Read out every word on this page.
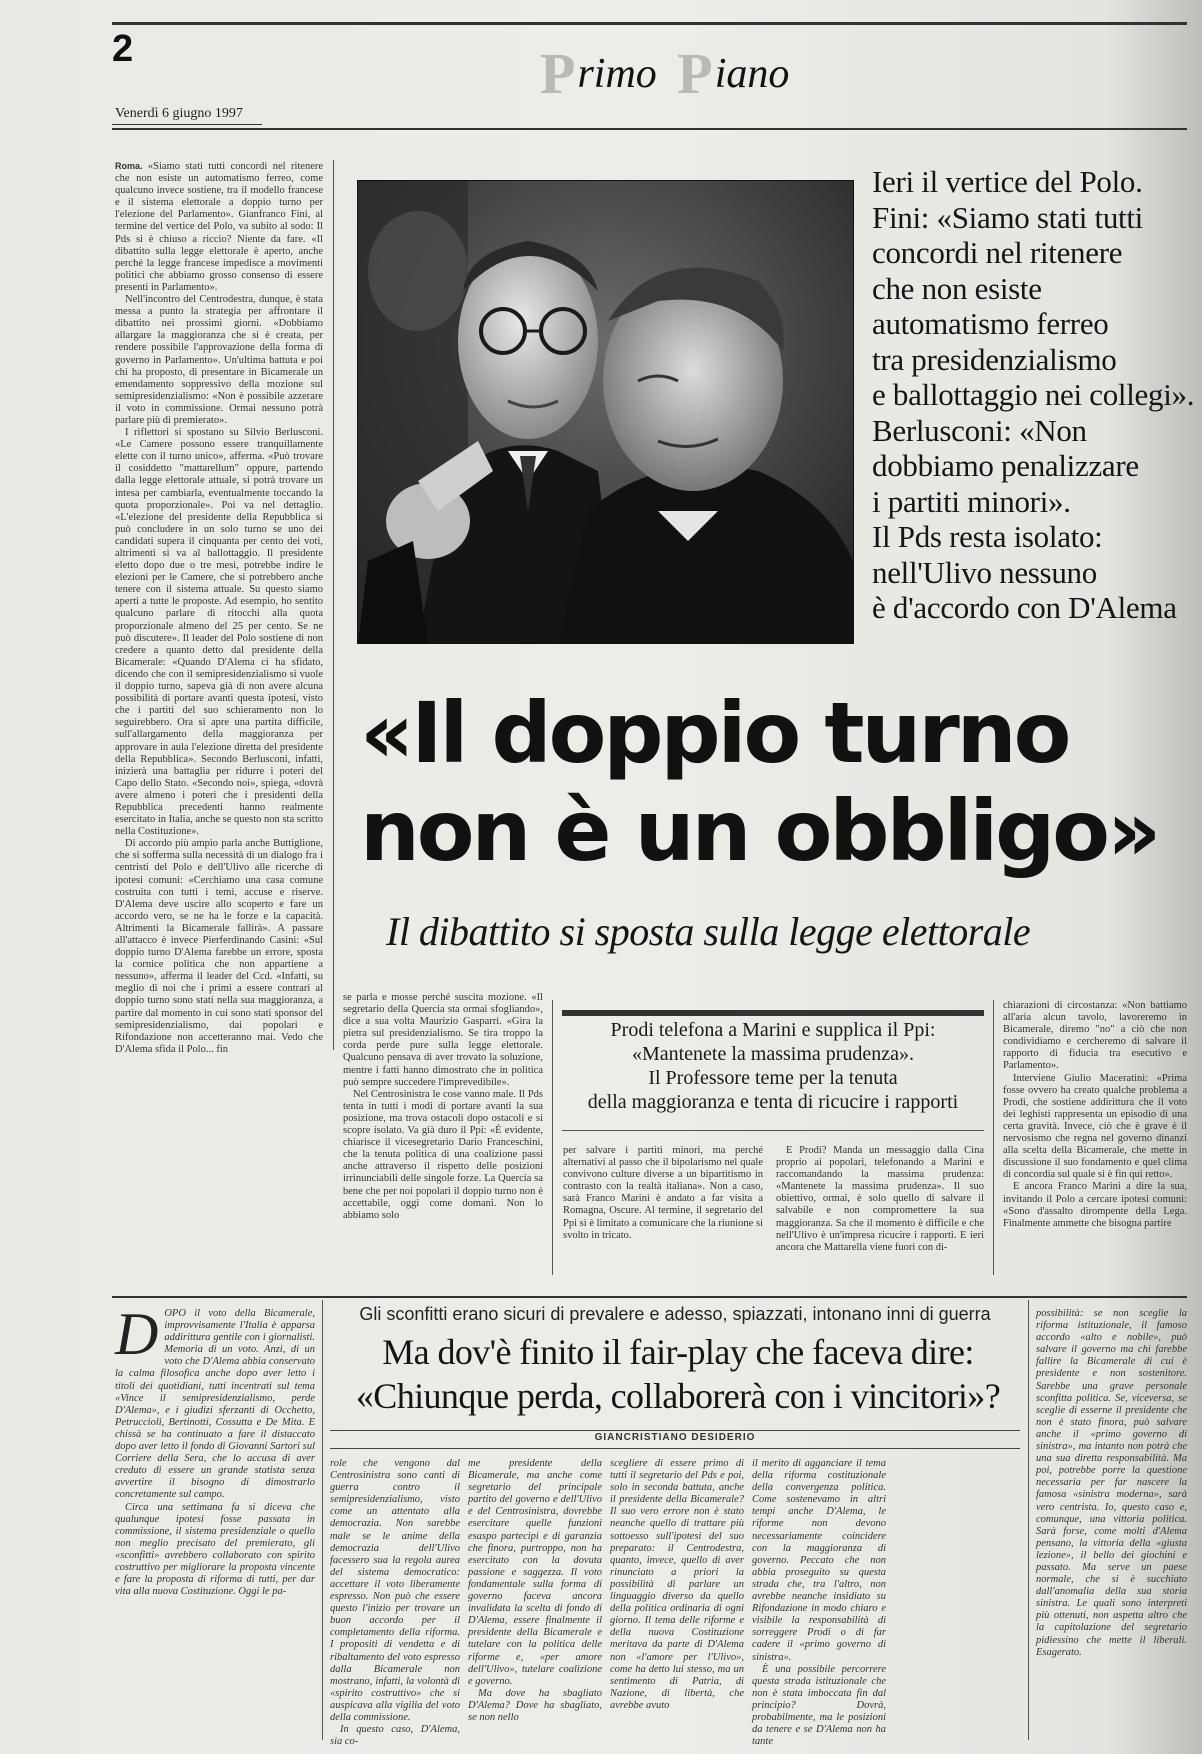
2	Primo Piano
Venerdì 6 giugno 1997

Roma. «Siamo stati tutti concordi nel ritenere che non esiste un automatismo ferreo, come qualcuno invece sostiene, tra il modello francese e il sistema elettorale a doppio turno per l'elezione del Parlamento». Gianfranco Fini, al termine del vertice del Polo, va subito al sodo: Il Pds si è chiuso a riccio? Niente da fare. «Il dibattito sulla legge elettorale è aperto, anche perché la legge francese impedisce a movimenti politici che abbiamo grosso consenso di essere presenti in Parlamento».

Nell'incontro del Centrodestra, dunque, è stata messa a punto la strategia per affrontare il dibattito nei prossimi giorni. «Dobbiamo allargare la maggioranza che si è creata, per rendere possibile l'approvazione della forma di governo in Parlamento». Un'ultima battuta e poi chi ha proposto, di presentare in Bicamerale un emendamento soppressivo della mozione sul semipresidenzialismo: «Non è possibile azzerare il voto in commissione. Ormai nessuno potrà parlare più di premierato».

I riflettori si spostano su Silvio Berlusconi. «Le Camere possono essere tranquillamente elette con il turno unico», afferma. «Può trovare il cosiddetto "mattarellum" oppure, partendo dalla legge elettorale attuale, si potrà trovare un intesa per cambiarla, eventualmente toccando la quota proporzionale». Poi va nel dettaglio. «L'elezione del presidente della Repubblica si può concludere in un solo turno se uno dei candidati supera il cinquanta per cento dei voti, altrimenti si va al ballottaggio. Il presidente eletto dopo due o tre mesi, potrebbe indire le elezioni per le Camere, che si potrebbero anche tenere con il sistema attuale. Su questo siamo aperti a tutte le proposte. Ad esempio, ho sentito qualcuno parlare di ritocchi alla quota proporzionale almeno del 25 per cento. Se ne può discutere». Il leader del Polo sostiene di non credere a quanto detto dal presidente della Bicamerale: «Quando D'Alema ci ha sfidato, dicendo che con il semipresidenzialismo si vuole il doppio turno, sapeva già di non avere alcuna possibilità di portare avanti questa ipotesi, visto che i partiti del suo schieramento non lo seguirebbero. Ora si apre una partita difficile, sull'allargamento della maggioranza per approvare in aula l'elezione diretta del presidente della Repubblica». Secondo Berlusconi, infatti, inizierà una battaglia per ridurre i poteri del Capo dello Stato. «Secondo noi», spiega, «dovrà avere almeno i poteri che i presidenti della Repubblica precedenti hanno realmente esercitato in Italia, anche se questo non sta scritto nella Costituzione».

Di accordo più ampio parla anche Buttiglione, che si sofferma sulla necessità di un dialogo fra i centristi del Polo e dell'Ulivo alle ricerche di ipotesi comuni: «Cerchiamo una casa comune costruita con tutti i temi, accuse e riserve. D'Alema deve uscire allo scoperto e fare un accordo vero, se ne ha le forze e la capacità. Altrimenti la Bicamerale fallirà». A passare all'attacco è invece Pierferdinando Casini: «Sul doppio turno D'Alema farebbe un errore, sposta la cornice politica che non appartiene a nessuno», afferma il leader del Ccd. «Infatti, su meglio di noi che i primi a essere contrari al doppio turno sono stati nella sua maggioranza, a partire dal momento in cui sono stati sponsor del semipresidenzialismo, dai popolari e Rifondazione non accetteranno mai. Vedo che D'Alema sfida il Polo... fin

Ieri il vertice del Polo.
Fini: «Siamo stati tutti
concordi nel ritenere
che non esiste
automatismo ferreo
tra presidenzialismo
e ballottaggio nei collegi».
Berlusconi: «Non
dobbiamo penalizzare
i partiti minori».
Il Pds resta isolato:
nell'Ulivo nessuno
è d'accordo con D'Alema
«Il doppio turno
non è un obbligo»
Il dibattito si sposta sulla legge elettorale

se parla e mosse perché suscita mozione. «Il segretario della Quercia sta ormai sfogliando», dice a sua volta Maurizio Gasparri. «Gira la pietra sul presidenzialismo. Se tira troppo la corda perde pure sulla legge elettorale. Qualcuno pensava di aver trovato la soluzione, mentre i fatti hanno dimostrato che in politica può sempre succedere l'imprevedibile».

Nel Centrosinistra le cose vanno male. Il Pds tenta in tutti i modi di portare avanti la sua posizione, ma trova ostacoli dopo ostacoli e si scopre isolato. Va già duro il Ppi: «È evidente, chiarisce il vicesegretario Dario Franceschini, che la tenuta politica di una coalizione passi anche attraverso il rispetto delle posizioni irrinunciabili delle singole forze. La Quercia sa bene che per noi popolari il doppio turno non è accettabile, oggi come domani. Non lo abbiamo solo

Prodi telefona a Marini e supplica il Ppi:
«Mantenete la massima prudenza».
Il Professore teme per la tenuta
della maggioranza e tenta di ricucire i rapporti

per salvare i partiti minori, ma perché alternativi al passo che il bipolarismo nel quale convivono culture diverse a un bipartitismo in contrasto con la realtà italiana». Non a caso, sarà Franco Marini è andato a far visita a Romagna, Oscure. Al termine, il segretario del Ppi si è limitato a comunicare che la riunione si svolto in tricato.

E Prodi? Manda un messaggio dalla Cina proprio ai popolari, telefonando a Marini e raccomandando la massima prudenza: «Mantenete la massima prudenza». Il suo obiettivo, ormai, è solo quello di salvare il salvabile e non compromettere la sua maggioranza. Sa che il momento è difficile e che nell'Ulivo è un'impresa ricucire i rapporti. E ieri ancora che Mattarella viene fuori con di-

chiarazioni di circostanza: «Non battiamo all'aria alcun tavolo, lavoreremo in Bicamerale, diremo "no" a ciò che non condividiamo e cercheremo di salvare il rapporto di fiducia tra esecutivo e Parlamento».

Interviene Giulio Maceratini: «Prima fosse ovvero ha creato qualche problema a Prodi, che sostiene addirittura che il voto dei leghisti rappresenta un episodio di una certa gravità. Invece, ciò che è grave è il nervosismo che regna nel governo dinanzi alla scelta della Bicamerale, che mette in discussione il suo fondamento e quel clima di concordia sul quale si è fin qui retto».

E ancora Franco Marini a dire la sua, invitando il Polo a cercare ipotesi comuni: «Sono d'assalto dirompente della Lega. Finalmente ammette che bisogna partire

Gli sconfitti erano sicuri di prevalere e adesso, spiazzati, intonano inni di guerra
Ma dov'è finito il fair-play che faceva dire:
«Chiunque perda, collaborerà con i vincitori»?
GIANCRISTIANO DESIDERIO

DOPO il voto della Bicamerale, improvvisamente l'Italia è apparsa addirittura gentile con i giornalisti. Memoria di un voto. Anzi, di un voto che D'Alema abbia conservato la calma filosofica anche dopo aver letto i titoli dei quotidiani, tutti incentrati sul tema «Vince il semipresidenzialismo, perde D'Alema», e i giudizi sferzanti di Occhetto, Petruccioli, Bertinotti, Cossutta e De Mita. E chissà se ha continuato a fare il distaccato dopo aver letto il fondo di Giovanni Sartori sul Corriere della Sera, che lo accusa di aver creduto di essere un grande statista senza avvertire il bisogno di dimostrarlo concretamente sul campo.

Circa una settimana fa si diceva che qualunque ipotesi fosse passata in commissione, il sistema presidenziale o quello non meglio precisato del premierato, gli «sconfitti» avrebbero collaborato con spirito costruttivo per migliorare la proposta vincente e fare la proposta di riforma di tutti, per dar vita alla nuova Costituzione. Oggi le pa-

role che vengono dal Centrosinistra sono canti di guerra contro il semipresidenzialismo, visto come un attentato alla democrazia. Non sarebbe male se le anime della democrazia dell'Ulivo facessero sua la regola aurea del sistema democratico: accettare il voto liberamente espresso. Non può che essere questo l'inizio per trovare un buon accordo per il completamento della riforma. I propositi di vendetta e di ribaltamento del voto espresso dalla Bicamerale non mostrano, infatti, la volontà di «spirito costruttivo» che si auspicava alla vigilia del voto della commissione.

In questo caso, D'Alema, sia co-

me presidente della Bicamerale, ma anche come segretario del principale partito del governo e dell'Ulivo e del Centrosinistra, dovrebbe esercitare quelle funzioni esaspo partecipi e di garanzia che finora, purtroppo, non ha esercitato con la dovuta passione e saggezza. Il voto fondamentale sulla forma di governo faceva ancora invalidata la scelta di fondo di D'Alema, essere finalmente il presidente della Bicamerale e tutelare con la politica delle riforme e, «per amore dell'Ulivo», tutelare coalizione e governo.

Ma dove ha sbagliato D'Alema? Dove ha sbagliato, se non nello

scegliere di essere primo di tutti il segretario del Pds e poi, solo in seconda battuta, anche il presidente della Bicamerale? Il suo vero errore non è stato neanche quello di trattare più sottoesso sull'ipotesi del suo preparato: il Centrodestra, quanto, invece, quello di aver rinunciato a priori la possibilità di parlare un linguaggio diverso da quello della politica ordinaria di ogni giorno. Il tema delle riforme e della nuova Costituzione meritava da parte di D'Alema non «l'amore per l'Ulivo», come ha detto lui stesso, ma un sentimento di Patria, di Nazione, di libertà, che avrebbe avuto

il merito di agganciare il tema della riforma costituzionale della convergenza politica. Come sostenevamo in altri tempi anche D'Alema, le riforme non devono necessariamente coincidere con la maggioranza di governo. Peccato che non abbia proseguito su questa strada che, tra l'altro, non avrebbe neanche insidiato su Rifondazione in modo chiaro e visibile la responsabilità di sorreggere Prodi o di far cadere il «primo governo di sinistra».

È una possibile percorrere questa strada istituzionale che non è stata imboccata fin dal principio? Dovrà, probabilmente, ma le posizioni da tenere e se D'Alema non ha tante

possibilità: se non sceglie la riforma istituzionale, il famoso accordo «alto e nobile», può salvare il governo ma chi farebbe fallire la Bicamerale di cui è presidente e non sostenitore. Sarebbe una grave personale sconfitta politica. Se, viceversa, se sceglie di esserne il presidente che non è stato finora, può salvare anche il «primo governo di sinistra», ma intanto non potrà che una sua diretta responsabilità. Ma poi, potrebbe porre la questione necessaria per far nascere la famosa «sinistra moderna», sarà vero centrista. Io, questo caso e, comunque, una vittoria politica. Sarà forse, come molti d'Alema pensano, la vittoria della «giusta lezione», il bello dei giochini e passato. Ma serve un paese normale, che si è succhiato dall'anomalia della sua storia sinistra. Le quali sono interpreti più ottenuti, non aspetta altro che la capitolazione del segretario pidiessino che mette il liberali. Esagerato.
